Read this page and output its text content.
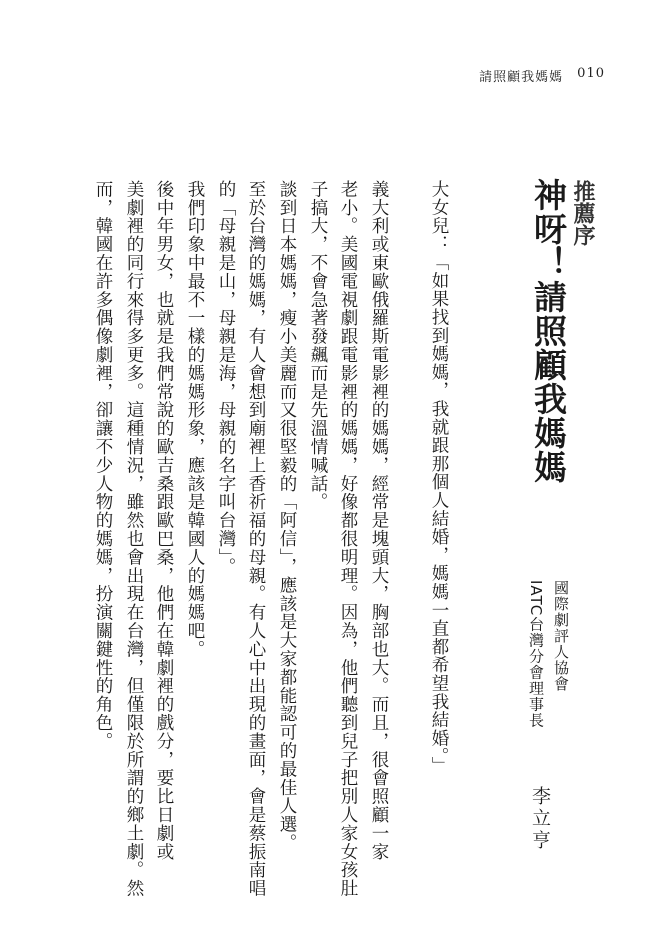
請照顧我媽媽 010
推薦序
神呀！請照顧我媽媽
國際劇評人協會
IATC台灣分會理事長
李立亨
大女兒：「如果找到媽媽，我就跟那個人結婚，媽媽一直都希望我結婚。」
義大利或東歐俄羅斯電影裡的媽媽，經常是塊頭大，胸部也大。而且，很會照顧一家
老小。美國電視劇跟電影裡的媽媽，好像都很明理。因為，他們聽到兒子把別人家女孩肚
子搞大，不會急著發飆而是先溫情喊話。
談到日本媽媽，瘦小美麗而又很堅毅的「阿信」，應該是大家都能認可的最佳人選。
至於台灣的媽媽，有人會想到廟裡上香祈福的母親。有人心中出現的畫面，會是蔡振南唱
的「母親是山，母親是海，母親的名字叫台灣」。
我們印象中最不一樣的媽媽形象，應該是韓國人的媽媽吧。
後中年男女，也就是我們常說的歐吉桑跟歐巴桑，他們在韓劇裡的戲分，要比日劇或
美劇裡的同行來得多更多。這種情況，雖然也會出現在台灣，但僅限於所謂的鄉土劇。然
而，韓國在許多偶像劇裡，卻讓不少人物的媽媽，扮演關鍵性的角色。
